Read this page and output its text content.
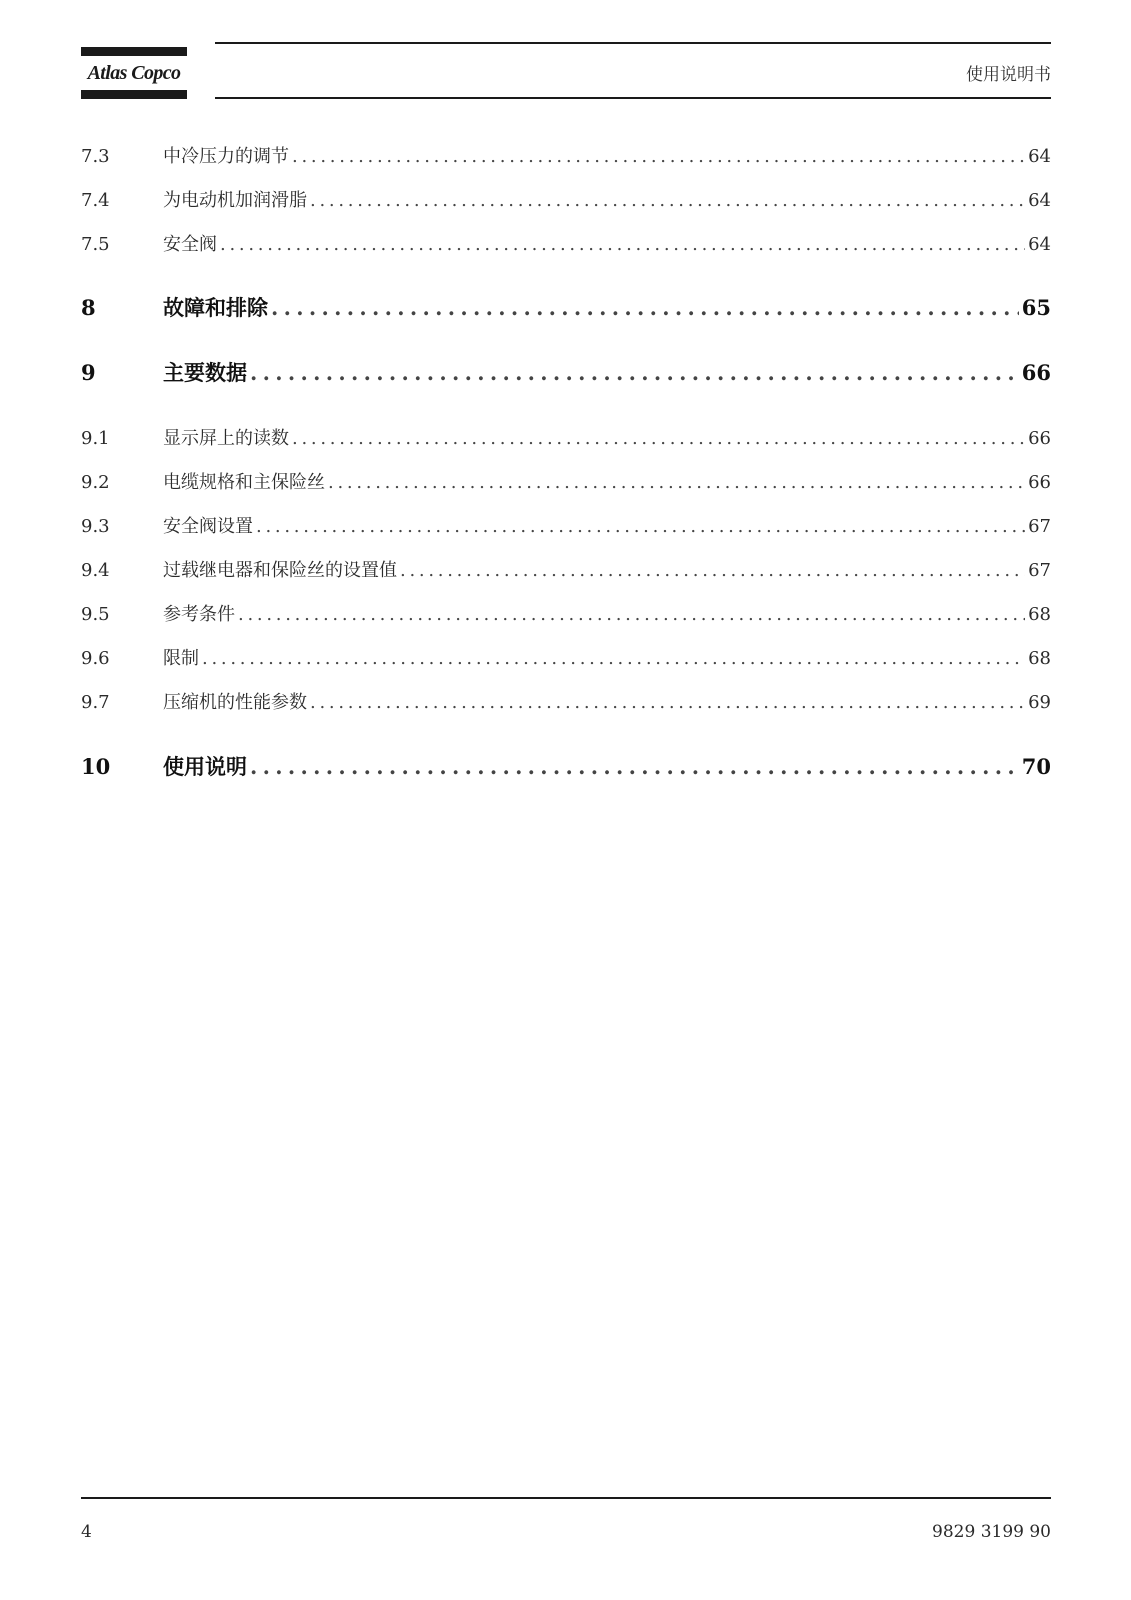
Atlas Copco	使用说明书
7.3	中冷压力的调节 . . .	64
7.4	为电动机加润滑脂 . . .	64
7.5	安全阀 . . .	64
8	故障和排除 . . .	65
9	主要数据 . . .	66
9.1	显示屏上的读数 . . .	66
9.2	电缆规格和主保险丝 . . .	66
9.3	安全阀设置 . . .	67
9.4	过载继电器和保险丝的设置值 . . .	67
9.5	参考条件 . . .	68
9.6	限制 . . .	68
9.7	压缩机的性能参数 . . .	69
10	使用说明 . . .	70
4	9829 3199 90
